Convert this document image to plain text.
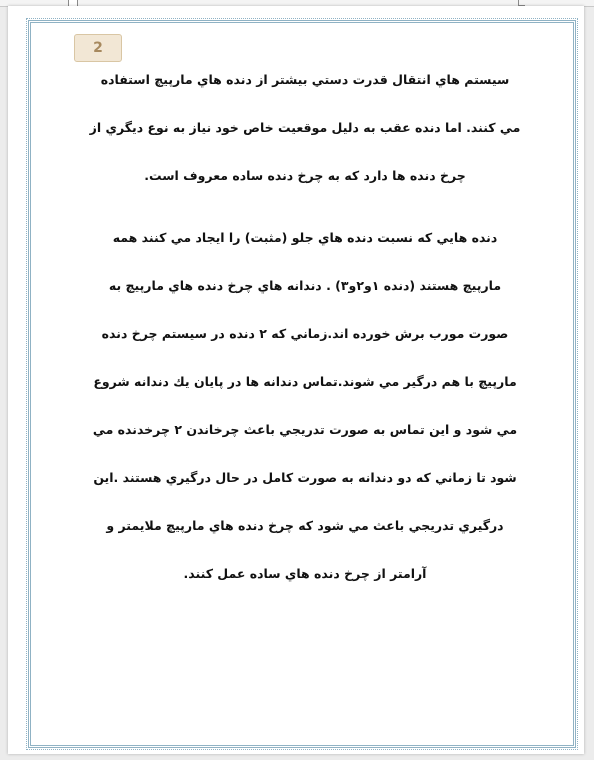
2
سيستم هاي انتقال قدرت دستي بيشتر از دنده هاي مارپيچ استفاده
مي كنند. اما دنده عقب به دليل موقعيت خاص خود نياز به نوع ديگري از
چرخ دنده ها دارد كه به چرخ دنده ساده معروف است.
دنده هايي كه نسبت دنده هاي جلو (مثبت) را ايجاد مي كنند همه
مارپيچ هستند (دنده ۱و۲و۳) . دندانه هاي چرخ دنده هاي مارپيچ به
صورت مورب برش خورده اند.زماني كه ۲ دنده در سيستم چرخ دنده
مارپيچ با هم درگير مي شوند.تماس دندانه ها در پايان يك دندانه شروع
مي شود و اين تماس به صورت تدريجي باعث چرخاندن ۲ چرخدنده مي
شود تا زماني كه دو دندانه به صورت كامل در حال درگيري هستند .اين
درگيري تدريجي باعث مي شود كه چرخ دنده هاي مارپيچ ملايمتر و
آرامتر از چرخ دنده هاي ساده عمل كنند.
